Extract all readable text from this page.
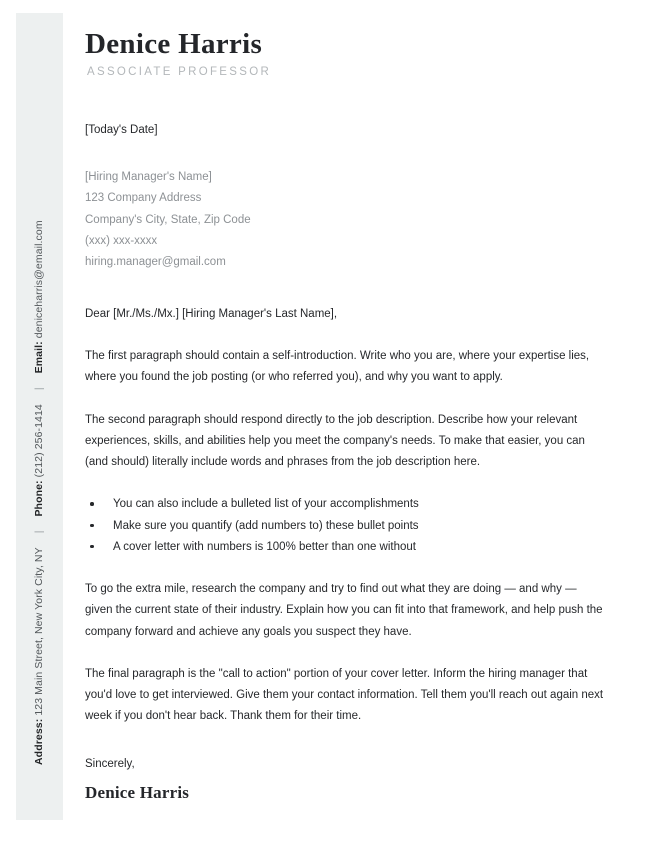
Address: 123 Main Street, New York City, NY
|
Phone: (212) 256-1414
|
Email: deniceharris@email.com
Denice Harris
ASSOCIATE PROFESSOR
[Today's Date]
[Hiring Manager's Name]
123 Company Address
Company's City, State, Zip Code
(xxx) xxx-xxxx
hiring.manager@gmail.com
Dear [Mr./Ms./Mx.] [Hiring Manager's Last Name],
The first paragraph should contain a self-introduction. Write who you are, where your expertise lies, where you found the job posting (or who referred you), and why you want to apply.
The second paragraph should respond directly to the job description. Describe how your relevant experiences, skills, and abilities help you meet the company's needs. To make that easier, you can (and should) literally include words and phrases from the job description here.
You can also include a bulleted list of your accomplishments
Make sure you quantify (add numbers to) these bullet points
A cover letter with numbers is 100% better than one without
To go the extra mile, research the company and try to find out what they are doing — and why — given the current state of their industry. Explain how you can fit into that framework, and help push the company forward and achieve any goals you suspect they have.
The final paragraph is the "call to action" portion of your cover letter. Inform the hiring manager that you'd love to get interviewed. Give them your contact information. Tell them you'll reach out again next week if you don't hear back. Thank them for their time.
Sincerely,
Denice Harris
